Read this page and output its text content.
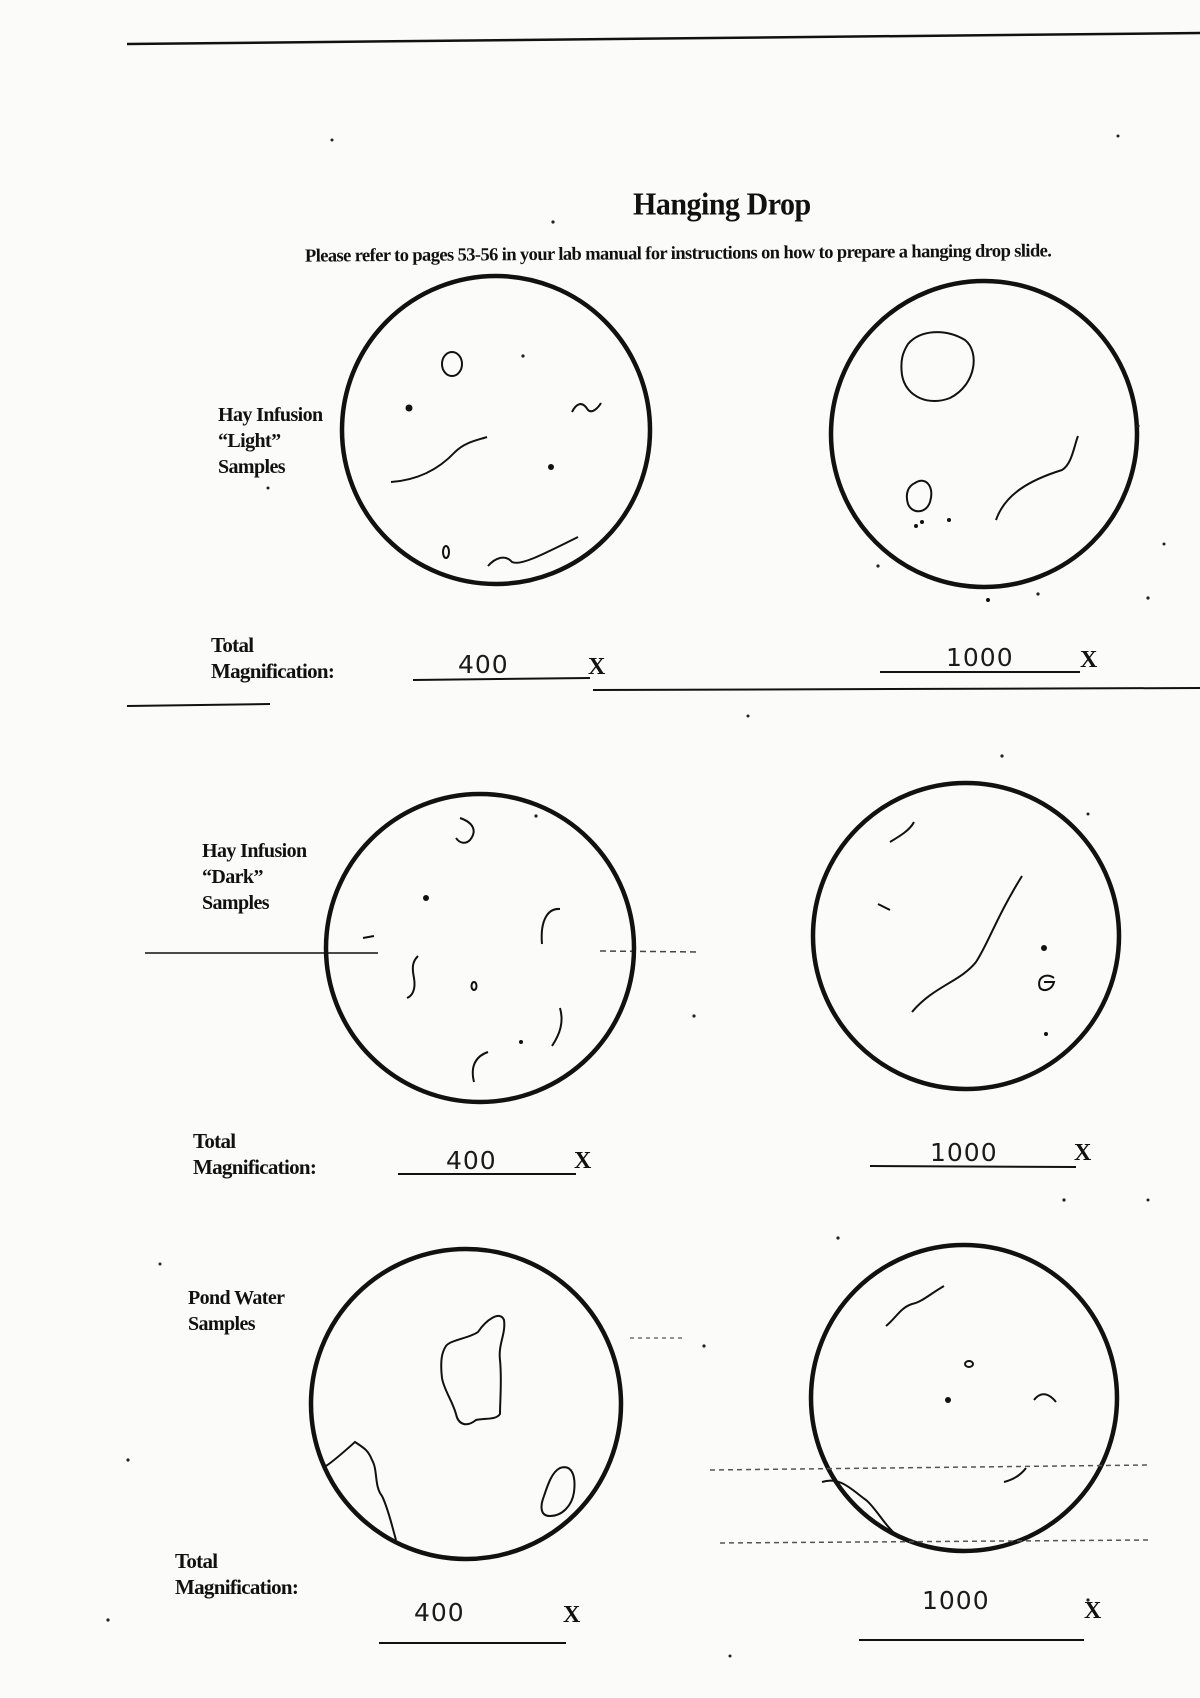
Hanging Drop
Please refer to pages 53-56 in your lab manual for instructions on how to prepare a hanging drop slide.
Hay Infusion
“Light”
Samples
Total
Magnification:	400	X	1000	X
Hay Infusion
“Dark”
Samples
Total
Magnification:	400	X	1000	X
Pond Water
Samples
Total
Magnification:
400	X	1000	X
